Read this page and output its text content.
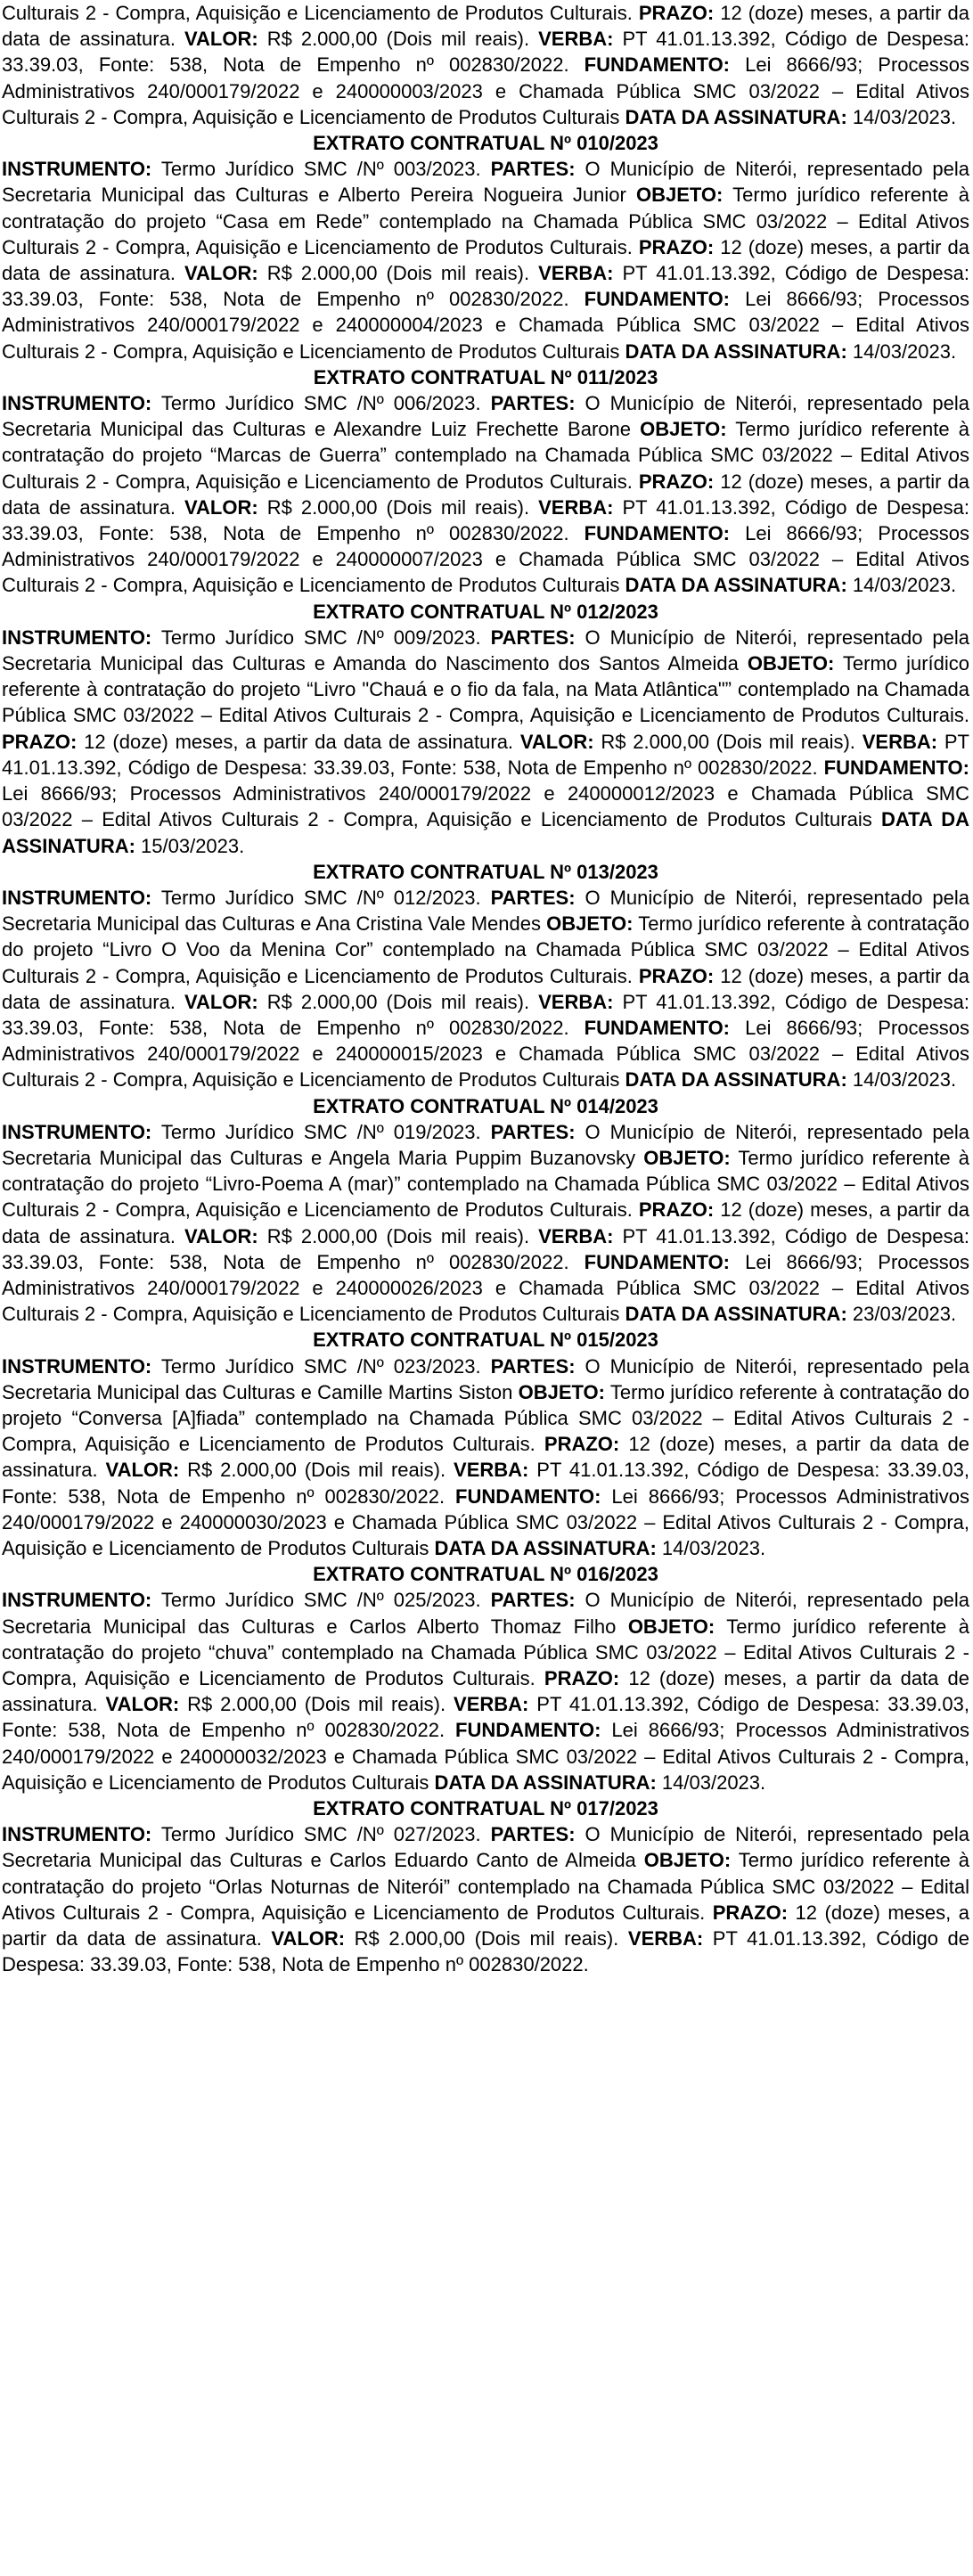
Culturais 2 - Compra, Aquisição e Licenciamento de Produtos Culturais. PRAZO: 12 (doze) meses, a partir da data de assinatura. VALOR: R$ 2.000,00 (Dois mil reais). VERBA: PT 41.01.13.392, Código de Despesa: 33.39.03, Fonte: 538, Nota de Empenho nº 002830/2022. FUNDAMENTO: Lei 8666/93; Processos Administrativos 240/000179/2022 e 240000003/2023 e Chamada Pública SMC 03/2022 – Edital Ativos Culturais 2 - Compra, Aquisição e Licenciamento de Produtos Culturais DATA DA ASSINATURA: 14/03/2023.

EXTRATO CONTRATUAL Nº 010/2023

INSTRUMENTO: Termo Jurídico SMC /Nº 003/2023. PARTES: O Município de Niterói, representado pela Secretaria Municipal das Culturas e Alberto Pereira Nogueira Junior OBJETO: Termo jurídico referente à contratação do projeto “Casa em Rede” contemplado na Chamada Pública SMC 03/2022 – Edital Ativos Culturais 2 - Compra, Aquisição e Licenciamento de Produtos Culturais. PRAZO: 12 (doze) meses, a partir da data de assinatura. VALOR: R$ 2.000,00 (Dois mil reais). VERBA: PT 41.01.13.392, Código de Despesa: 33.39.03, Fonte: 538, Nota de Empenho nº 002830/2022. FUNDAMENTO: Lei 8666/93; Processos Administrativos 240/000179/2022 e 240000004/2023 e Chamada Pública SMC 03/2022 – Edital Ativos Culturais 2 - Compra, Aquisição e Licenciamento de Produtos Culturais DATA DA ASSINATURA: 14/03/2023.

EXTRATO CONTRATUAL Nº 011/2023

INSTRUMENTO: Termo Jurídico SMC /Nº 006/2023. PARTES: O Município de Niterói, representado pela Secretaria Municipal das Culturas e Alexandre Luiz Frechette Barone OBJETO: Termo jurídico referente à contratação do projeto “Marcas de Guerra” contemplado na Chamada Pública SMC 03/2022 – Edital Ativos Culturais 2 - Compra, Aquisição e Licenciamento de Produtos Culturais. PRAZO: 12 (doze) meses, a partir da data de assinatura. VALOR: R$ 2.000,00 (Dois mil reais). VERBA: PT 41.01.13.392, Código de Despesa: 33.39.03, Fonte: 538, Nota de Empenho nº 002830/2022. FUNDAMENTO: Lei 8666/93; Processos Administrativos 240/000179/2022 e 240000007/2023 e Chamada Pública SMC 03/2022 – Edital Ativos Culturais 2 - Compra, Aquisição e Licenciamento de Produtos Culturais DATA DA ASSINATURA: 14/03/2023.

EXTRATO CONTRATUAL Nº 012/2023

INSTRUMENTO: Termo Jurídico SMC /Nº 009/2023. PARTES: O Município de Niterói, representado pela Secretaria Municipal das Culturas e Amanda do Nascimento dos Santos Almeida OBJETO: Termo jurídico referente à contratação do projeto “Livro "Chauá e o fio da fala, na Mata Atlântica"” contemplado na Chamada Pública SMC 03/2022 – Edital Ativos Culturais 2 - Compra, Aquisição e Licenciamento de Produtos Culturais. PRAZO: 12 (doze) meses, a partir da data de assinatura. VALOR: R$ 2.000,00 (Dois mil reais). VERBA: PT 41.01.13.392, Código de Despesa: 33.39.03, Fonte: 538, Nota de Empenho nº 002830/2022. FUNDAMENTO: Lei 8666/93; Processos Administrativos 240/000179/2022 e 240000012/2023 e Chamada Pública SMC 03/2022 – Edital Ativos Culturais 2 - Compra, Aquisição e Licenciamento de Produtos Culturais DATA DA ASSINATURA: 15/03/2023.

EXTRATO CONTRATUAL Nº 013/2023

INSTRUMENTO: Termo Jurídico SMC /Nº 012/2023. PARTES: O Município de Niterói, representado pela Secretaria Municipal das Culturas e Ana Cristina Vale Mendes OBJETO: Termo jurídico referente à contratação do projeto “Livro O Voo da Menina Cor” contemplado na Chamada Pública SMC 03/2022 – Edital Ativos Culturais 2 - Compra, Aquisição e Licenciamento de Produtos Culturais. PRAZO: 12 (doze) meses, a partir da data de assinatura. VALOR: R$ 2.000,00 (Dois mil reais). VERBA: PT 41.01.13.392, Código de Despesa: 33.39.03, Fonte: 538, Nota de Empenho nº 002830/2022. FUNDAMENTO: Lei 8666/93; Processos Administrativos 240/000179/2022 e 240000015/2023 e Chamada Pública SMC 03/2022 – Edital Ativos Culturais 2 - Compra, Aquisição e Licenciamento de Produtos Culturais DATA DA ASSINATURA: 14/03/2023.

EXTRATO CONTRATUAL Nº 014/2023

INSTRUMENTO: Termo Jurídico SMC /Nº 019/2023. PARTES: O Município de Niterói, representado pela Secretaria Municipal das Culturas e Angela Maria Puppim Buzanovsky OBJETO: Termo jurídico referente à contratação do projeto “Livro-Poema A (mar)” contemplado na Chamada Pública SMC 03/2022 – Edital Ativos Culturais 2 - Compra, Aquisição e Licenciamento de Produtos Culturais. PRAZO: 12 (doze) meses, a partir da data de assinatura. VALOR: R$ 2.000,00 (Dois mil reais). VERBA: PT 41.01.13.392, Código de Despesa: 33.39.03, Fonte: 538, Nota de Empenho nº 002830/2022. FUNDAMENTO: Lei 8666/93; Processos Administrativos 240/000179/2022 e 240000026/2023 e Chamada Pública SMC 03/2022 – Edital Ativos Culturais 2 - Compra, Aquisição e Licenciamento de Produtos Culturais DATA DA ASSINATURA: 23/03/2023.

EXTRATO CONTRATUAL Nº 015/2023

INSTRUMENTO: Termo Jurídico SMC /Nº 023/2023. PARTES: O Município de Niterói, representado pela Secretaria Municipal das Culturas e Camille Martins Siston OBJETO: Termo jurídico referente à contratação do projeto “Conversa [A]fiada” contemplado na Chamada Pública SMC 03/2022 – Edital Ativos Culturais 2 - Compra, Aquisição e Licenciamento de Produtos Culturais. PRAZO: 12 (doze) meses, a partir da data de assinatura. VALOR: R$ 2.000,00 (Dois mil reais). VERBA: PT 41.01.13.392, Código de Despesa: 33.39.03, Fonte: 538, Nota de Empenho nº 002830/2022. FUNDAMENTO: Lei 8666/93; Processos Administrativos 240/000179/2022 e 240000030/2023 e Chamada Pública SMC 03/2022 – Edital Ativos Culturais 2 - Compra, Aquisição e Licenciamento de Produtos Culturais DATA DA ASSINATURA: 14/03/2023.

EXTRATO CONTRATUAL Nº 016/2023

INSTRUMENTO: Termo Jurídico SMC /Nº 025/2023. PARTES: O Município de Niterói, representado pela Secretaria Municipal das Culturas e Carlos Alberto Thomaz Filho OBJETO: Termo jurídico referente à contratação do projeto “chuva” contemplado na Chamada Pública SMC 03/2022 – Edital Ativos Culturais 2 - Compra, Aquisição e Licenciamento de Produtos Culturais. PRAZO: 12 (doze) meses, a partir da data de assinatura. VALOR: R$ 2.000,00 (Dois mil reais). VERBA: PT 41.01.13.392, Código de Despesa: 33.39.03, Fonte: 538, Nota de Empenho nº 002830/2022. FUNDAMENTO: Lei 8666/93; Processos Administrativos 240/000179/2022 e 240000032/2023 e Chamada Pública SMC 03/2022 – Edital Ativos Culturais 2 - Compra, Aquisição e Licenciamento de Produtos Culturais DATA DA ASSINATURA: 14/03/2023.

EXTRATO CONTRATUAL Nº 017/2023

INSTRUMENTO: Termo Jurídico SMC /Nº 027/2023. PARTES: O Município de Niterói, representado pela Secretaria Municipal das Culturas e Carlos Eduardo Canto de Almeida OBJETO: Termo jurídico referente à contratação do projeto “Orlas Noturnas de Niterói” contemplado na Chamada Pública SMC 03/2022 – Edital Ativos Culturais 2 - Compra, Aquisição e Licenciamento de Produtos Culturais. PRAZO: 12 (doze) meses, a partir da data de assinatura. VALOR: R$ 2.000,00 (Dois mil reais). VERBA: PT 41.01.13.392, Código de Despesa: 33.39.03, Fonte: 538, Nota de Empenho nº 002830/2022.
